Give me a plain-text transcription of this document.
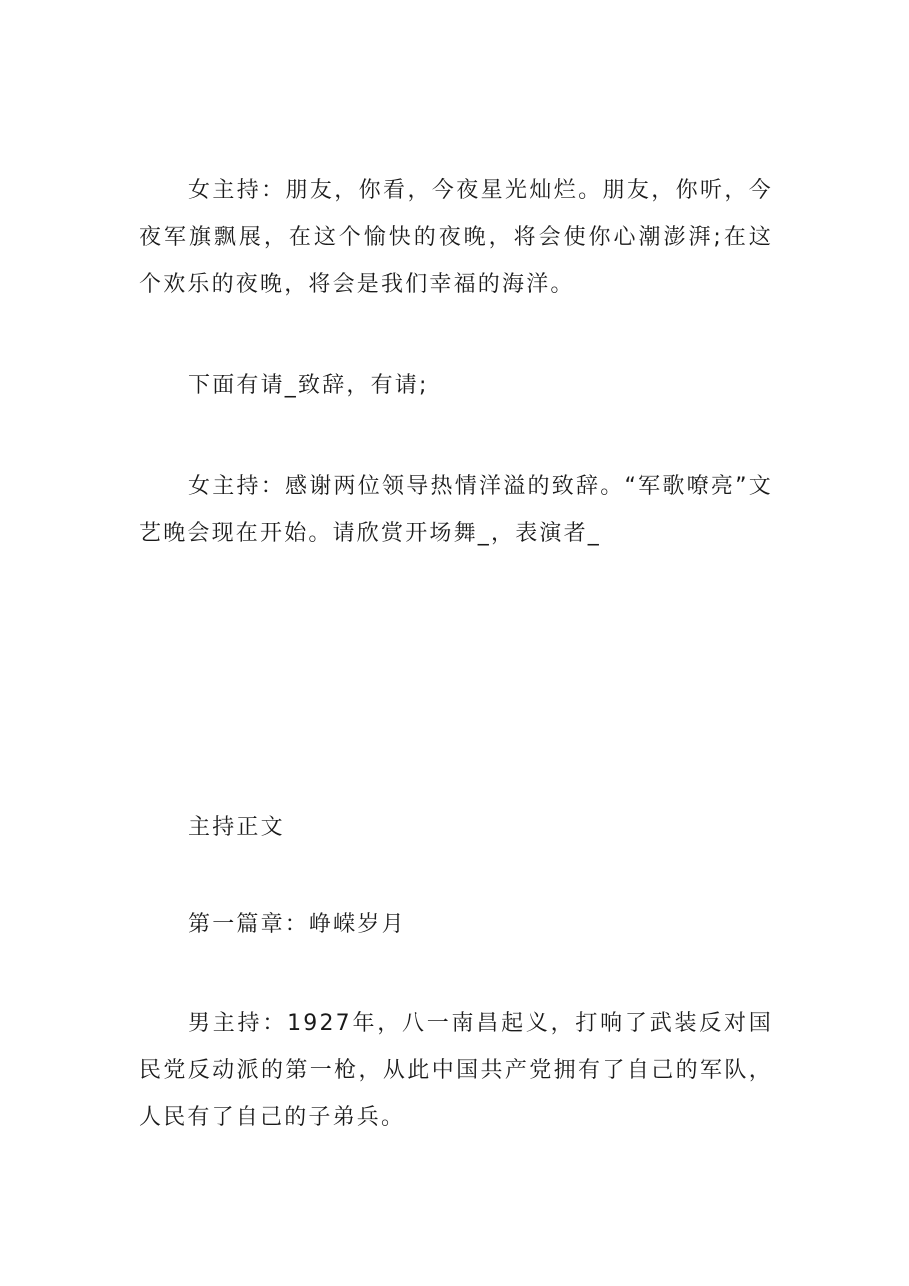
女主持：朋友，你看，今夜星光灿烂。朋友，你听，今夜军旗飘展，在这个愉快的夜晚，将会使你心潮澎湃;在这个欢乐的夜晚，将会是我们幸福的海洋。

下面有请_致辞，有请;

女主持：感谢两位领导热情洋溢的致辞。“军歌嘹亮”文艺晚会现在开始。请欣赏开场舞_，表演者_

主持正文

第一篇章：峥嵘岁月

男主持：1927年，八一南昌起义，打响了武装反对国民党反动派的第一枪，从此中国共产党拥有了自己的军队，人民有了自己的子弟兵。
